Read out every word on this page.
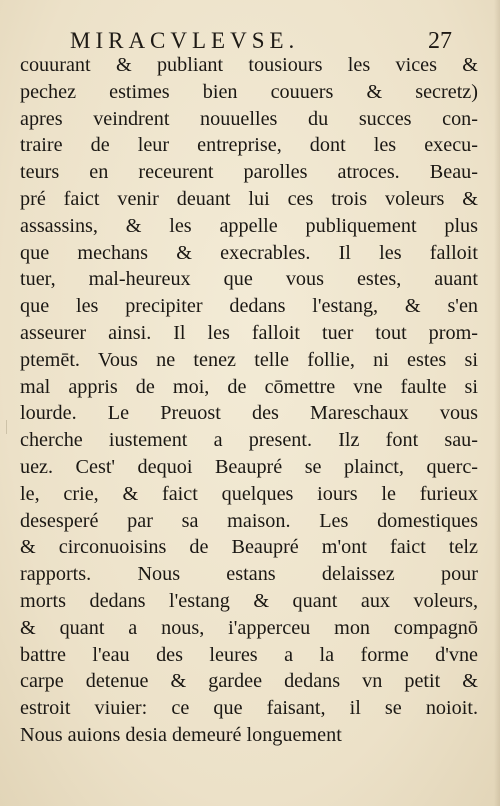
MIRACVLEVSE.	27
couurant & publiant tousiours les vices &
pechez estimes bien couuers & secretz)
apres veindrent nouuelles du succes con-
traire de leur entreprise, dont les execu-
teurs en receurent parolles atroces. Beau-
pré faict venir deuant lui ces trois voleurs &
assassins, & les appelle publiquement plus
que mechans & execrables. Il les falloit
tuer, mal-heureux que vous estes, auant
que les precipiter dedans l'estang, & s'en
asseurer ainsi. Il les falloit tuer tout prom-
ptemēt. Vous ne tenez telle follie, ni estes si
mal appris de moi, de cōmettre vne faulte si
lourde. Le Preuost des Mareschaux vous
cherche iustement a present. Ilz font sau-
uez. Cest' dequoi Beaupré se plainct, querc-
le, crie, & faict quelques iours le furieux
desesperé par sa maison. Les domestiques
& circonuoisins de Beaupré m'ont faict telz
rapports. Nous estans delaissez pour
morts dedans l'estang & quant aux voleurs,
& quant a nous, i'apperceu mon compagnō
battre l'eau des leures a la forme d'vne
carpe detenue & gardee dedans vn petit &
estroit viuier: ce que faisant, il se noioit.
Nous auions desia demeuré longuement
